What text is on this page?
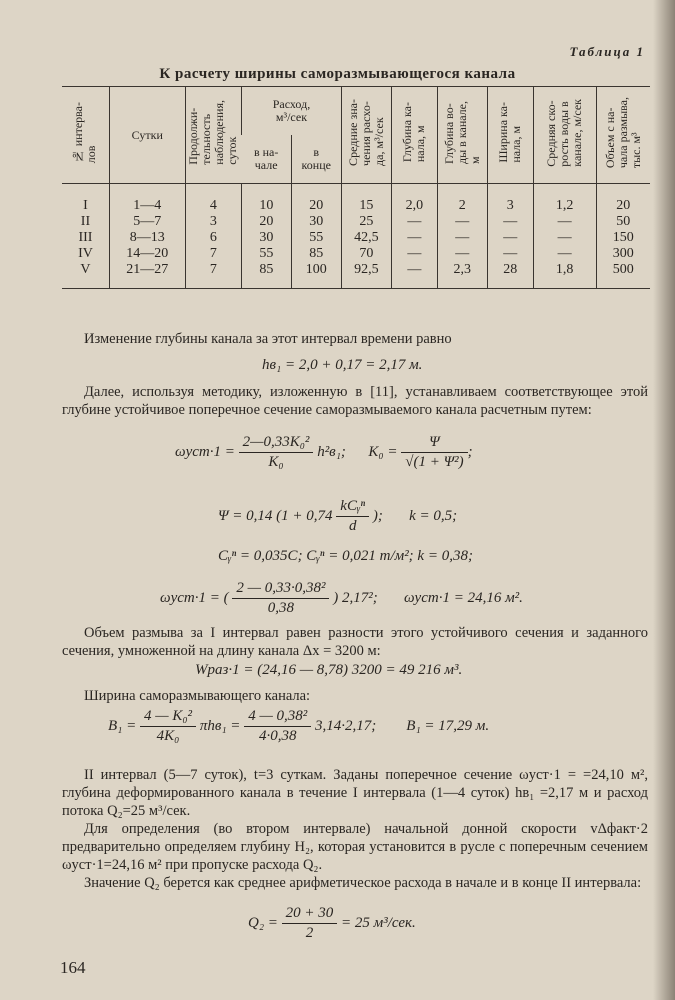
Таблица 1
К расчету ширины саморазмывающегося канала
№ интерва-
лов	Сутки	Продолжи-
тельность
наблюдения,
суток	Расход,
м³/сек		Средние зна-
чения расхо-
да, м³/сек	Глубина ка-
нала, м	Глубина во-
ды в канале,
м	Ширина ка-
нала, м	Средняя ско-
рость воды в
канале, м/сек	Объем с на-
чала размыва,
тыс. м³
			в на-
чале	в
конце						
I	1—4	4	10	20	15	2,0	2	3	1,2	20
II	5—7	3	20	30	25	—	—	—	—	50
III	8—13	6	30	55	42,5	—	—	—	—	150
IV	14—20	7	55	85	70	—	—	—	—	300
V	21—27	7	85	100	92,5	—	2,3	28	1,8	500
Изменение глубины канала за этот интервал времени равно
hв₁ = 2,0 + 0,17 = 2,17 м.
Далее, используя методику, изложенную в [11], устанавливаем соответствующее этой глубине устойчивое поперечное сечение саморазмываемого канала расчетным путем:
$\omega уст\cdot 1 = \frac{\text{2—0,33K₀²}}{\text{K₀}} h^2в_1$; $K_0 = \frac{\Psi}{\text{√(1 + Ψ²)}}$ ;
Ψ = 0,14 ($1 + 0,74 \frac{\text{kCᵧⁿ}}{d}$ ); k = 0,5;
Cᵧⁿ = 0,035C; Cᵧⁿ = 0,021 т/м²; k = 0,38;
ωуст·1 = ( $\frac{\text{2 — 0,33·0,38²}}{0,38}$ ) 2,17²; ωуст·1 = 24,16 м².
Объем размыва за I интервал равен разности этого устойчивого сечения и заданного сечения, умноженной на длину канала Δx = 3200 м:
Wраз·1 = (24,16 — 8,78) 3200 = 49 216 м³.
Ширина саморазмывающего канала:
$B_1 = \frac{\text{4 — K₀²}}{\text{4K₀}} \pi hв_1 = \frac{\text{4 — 0,38²}}{4\cdot 0,38} 3,14\cdot 2,17$; B₁ = 17,29 м.
II интервал (5—7 суток), t=3 суткам. Заданы поперечное сечение ωуст·1 = =24,10 м², глубина деформированного канала в течение I интервала (1—4 суток) hв₁ =2,17 м и расход потока Q₂=25 м³/сек.
Для определения (во втором интервале) начальной донной скорости vΔфакт·2 предварительно определяем глубину H₂, которая установится в русле с поперечным сечением ωуст·1=24,16 м² при пропуске расхода Q₂.
Значение Q₂ берется как среднее арифметическое расхода в начале и в конце II интервала:
$Q_2 = \frac{20 + 30}{2} = 25$ м³/сек.
164
